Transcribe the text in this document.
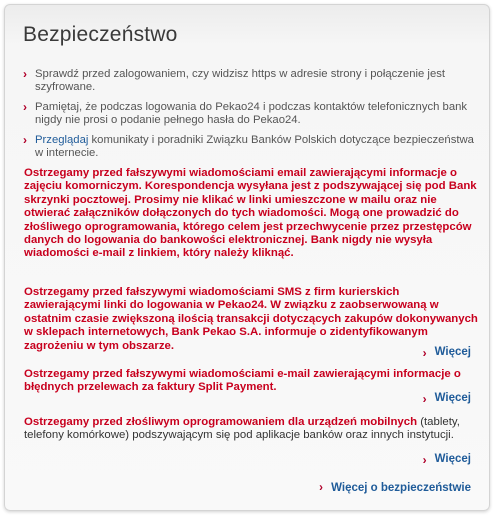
Bezpieczeństwo
› Sprawdź przed zalogowaniem, czy widzisz https w adresie strony i połączenie jest szyfrowane.
› Pamiętaj, że podczas logowania do Pekao24 i podczas kontaktów telefonicznych bank nigdy nie prosi o podanie pełnego hasła do Pekao24.
› Przeglądaj komunikaty i poradniki Związku Banków Polskich dotyczące bezpieczeństwa w internecie.
Ostrzegamy przed fałszywymi wiadomościami email zawierającymi informacje o zajęciu komorniczym. Korespondencja wysyłana jest z podszywającej się pod Bank skrzynki pocztowej. Prosimy nie klikać w linki umieszczone w mailu oraz nie otwierać załączników dołączonych do tych wiadomości. Mogą one prowadzić do złośliwego oprogramowania, którego celem jest przechwycenie przez przestępców danych do logowania do bankowości elektronicznej. Bank nigdy nie wysyła wiadomości e-mail z linkiem, który należy kliknąć.
Ostrzegamy przed fałszywymi wiadomościami SMS z firm kurierskich zawierającymi linki do logowania w Pekao24. W związku z zaobserwowaną w ostatnim czasie zwiększoną ilością transakcji dotyczących zakupów dokonywanych w sklepach internetowych, Bank Pekao S.A. informuje o zidentyfikowanym zagrożeniu w tym obszarze.
› Więcej
Ostrzegamy przed fałszywymi wiadomościami e-mail zawierającymi informacje o błędnych przelewach za faktury Split Payment.
› Więcej
Ostrzegamy przed złośliwym oprogramowaniem dla urządzeń mobilnych (tablety, telefony komórkowe) podszywającym się pod aplikacje banków oraz innych instytucji.
› Więcej
› Więcej o bezpieczeństwie
